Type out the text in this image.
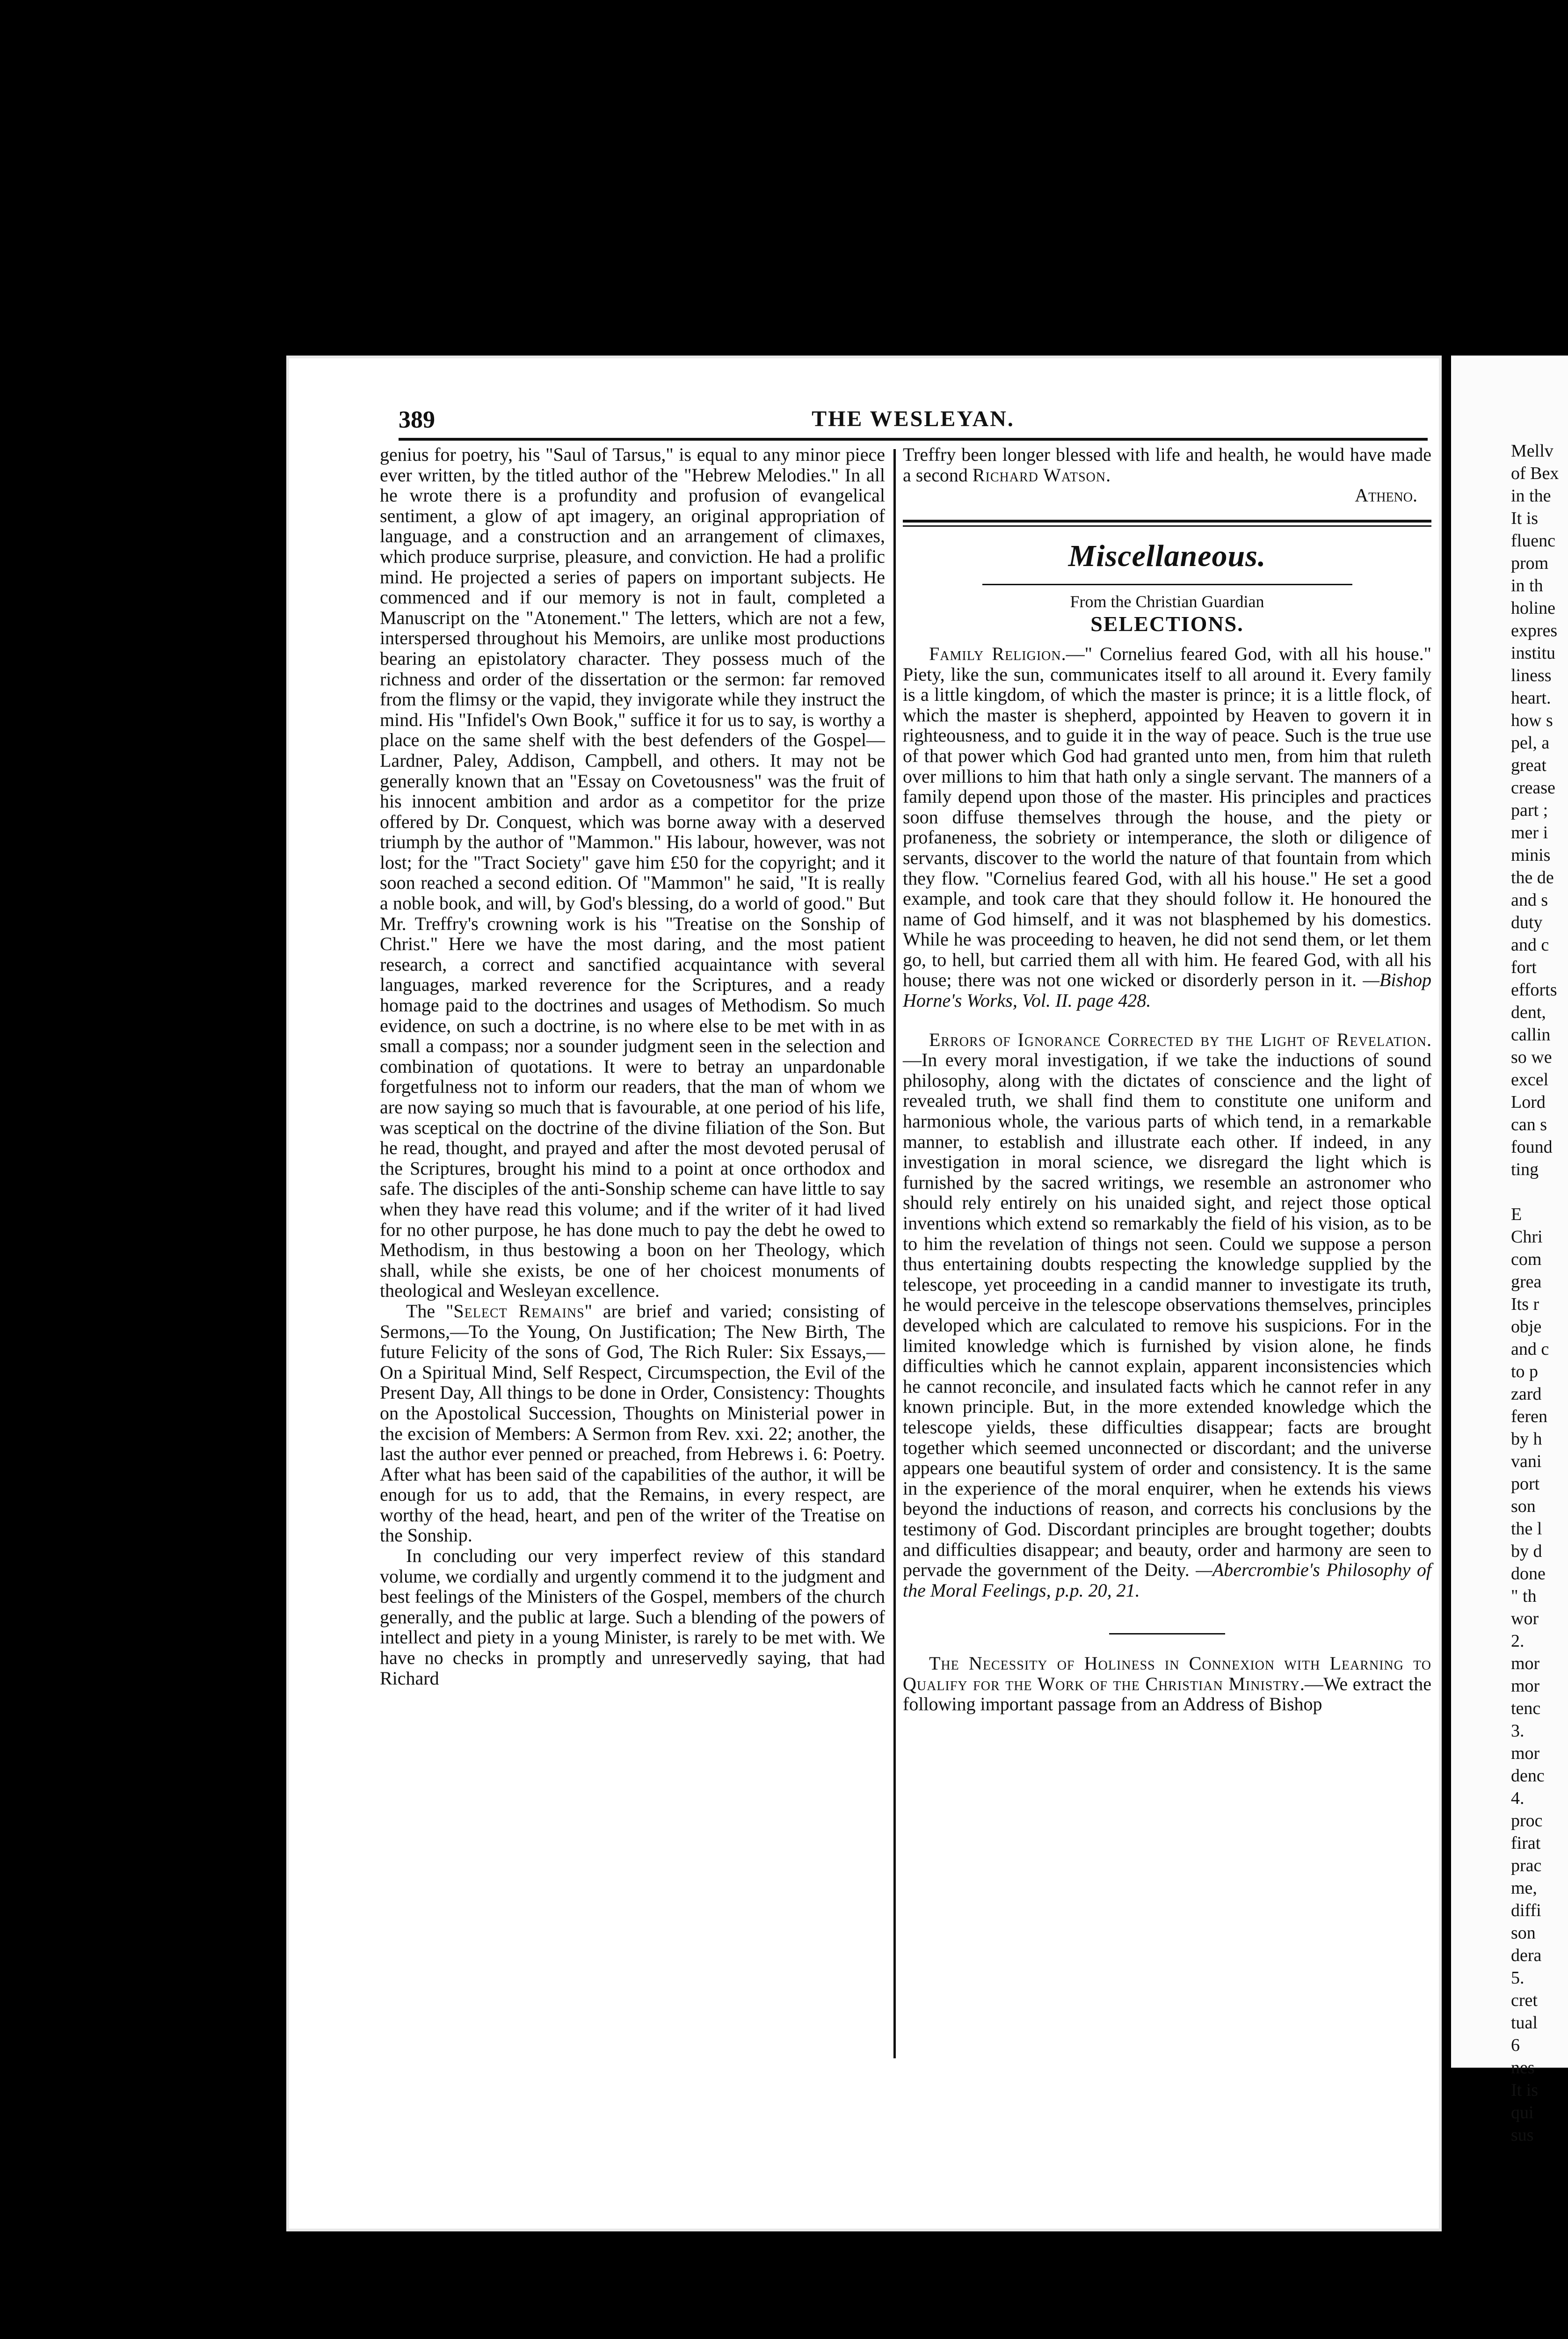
389	THE WESLEYAN.

genius for poetry, his "Saul of Tarsus," is equal to any minor piece ever written, by the titled author of the "Hebrew Melodies." In all he wrote there is a profundity and profusion of evangelical sentiment, a glow of apt imagery, an original appropriation of language, and a construction and an arrangement of climaxes, which produce surprise, pleasure, and conviction. He had a prolific mind. He projected a series of papers on important subjects. He commenced and if our memory is not in fault, completed a Manuscript on the "Atonement." The letters, which are not a few, interspersed throughout his Memoirs, are unlike most productions bearing an epistolatory character. They possess much of the richness and order of the dissertation or the sermon: far removed from the flimsy or the vapid, they invigorate while they instruct the mind. His "Infidel's Own Book," suffice it for us to say, is worthy a place on the same shelf with the best defenders of the Gospel—Lardner, Paley, Addison, Campbell, and others. It may not be generally known that an "Essay on Covetousness" was the fruit of his innocent ambition and ardor as a competitor for the prize offered by Dr. Conquest, which was borne away with a deserved triumph by the author of "Mammon." His labour, however, was not lost; for the "Tract Society" gave him £50 for the copyright; and it soon reached a second edition. Of "Mammon" he said, "It is really a noble book, and will, by God's blessing, do a world of good." But Mr. Treffry's crowning work is his "Treatise on the Sonship of Christ." Here we have the most daring, and the most patient research, a correct and sanctified acquaintance with several languages, marked reverence for the Scriptures, and a ready homage paid to the doctrines and usages of Methodism. So much evidence, on such a doctrine, is no where else to be met with in as small a compass; nor a sounder judgment seen in the selection and combination of quotations. It were to betray an unpardonable forgetfulness not to inform our readers, that the man of whom we are now saying so much that is favourable, at one period of his life, was sceptical on the doctrine of the divine filiation of the Son. But he read, thought, and prayed and after the most devoted perusal of the Scriptures, brought his mind to a point at once orthodox and safe. The disciples of the anti-Sonship scheme can have little to say when they have read this volume; and if the writer of it had lived for no other purpose, he has done much to pay the debt he owed to Methodism, in thus bestowing a boon on her Theology, which shall, while she exists, be one of her choicest monuments of theological and Wesleyan excellence.

The "Select Remains" are brief and varied; consisting of Sermons,—To the Young, On Justification; The New Birth, The future Felicity of the sons of God, The Rich Ruler: Six Essays,—On a Spiritual Mind, Self Respect, Circumspection, the Evil of the Present Day, All things to be done in Order, Consistency: Thoughts on the Apostolical Succession, Thoughts on Ministerial power in the excision of Members: A Sermon from Rev. xxi. 22; another, the last the author ever penned or preached, from Hebrews i. 6: Poetry. After what has been said of the capabilities of the author, it will be enough for us to add, that the Remains, in every respect, are worthy of the head, heart, and pen of the writer of the Treatise on the Sonship.

In concluding our very imperfect review of this standard volume, we cordially and urgently commend it to the judgment and best feelings of the Ministers of the Gospel, members of the church generally, and the public at large. Such a blending of the powers of intellect and piety in a young Minister, is rarely to be met with. We have no checks in promptly and unreservedly saying, that had Richard

Treffry been longer blessed with life and health, he would have made a second Richard Watson.

Atheno.

Miscellaneous.
From the Christian Guardian
SELECTIONS.

Family Religion.—" Cornelius feared God, with all his house." Piety, like the sun, communicates itself to all around it. Every family is a little kingdom, of which the master is prince; it is a little flock, of which the master is shepherd, appointed by Heaven to govern it in righteousness, and to guide it in the way of peace. Such is the true use of that power which God had granted unto men, from him that ruleth over millions to him that hath only a single servant. The manners of a family depend upon those of the master. His principles and practices soon diffuse themselves through the house, and the piety or profaneness, the sobriety or intemperance, the sloth or diligence of servants, discover to the world the nature of that fountain from which they flow. "Cornelius feared God, with all his house." He set a good example, and took care that they should follow it. He honoured the name of God himself, and it was not blasphemed by his domestics. While he was proceeding to heaven, he did not send them, or let them go, to hell, but carried them all with him. He feared God, with all his house; there was not one wicked or disorderly person in it. —Bishop Horne's Works, Vol. II. page 428.

Errors of Ignorance Corrected by the Light of Revelation.—In every moral investigation, if we take the inductions of sound philosophy, along with the dictates of conscience and the light of revealed truth, we shall find them to constitute one uniform and harmonious whole, the various parts of which tend, in a remarkable manner, to establish and illustrate each other. If indeed, in any investigation in moral science, we disregard the light which is furnished by the sacred writings, we resemble an astronomer who should rely entirely on his unaided sight, and reject those optical inventions which extend so remarkably the field of his vision, as to be to him the revelation of things not seen. Could we suppose a person thus entertaining doubts respecting the knowledge supplied by the telescope, yet proceeding in a candid manner to investigate its truth, he would perceive in the telescope observations themselves, principles developed which are calculated to remove his suspicions. For in the limited knowledge which is furnished by vision alone, he finds difficulties which he cannot explain, apparent inconsistencies which he cannot reconcile, and insulated facts which he cannot refer in any known principle. But, in the more extended knowledge which the telescope yields, these difficulties disappear; facts are brought together which seemed unconnected or discordant; and the universe appears one beautiful system of order and consistency. It is the same in the experience of the moral enquirer, when he extends his views beyond the inductions of reason, and corrects his conclusions by the testimony of God. Discordant principles are brought together; doubts and difficulties disappear; and beauty, order and harmony are seen to pervade the government of the Deity. —Abercrombie's Philosophy of the Moral Feelings, p.p. 20, 21.

The Necessity of Holiness in Connexion with Learning to Qualify for the Work of the Christian Ministry.—We extract the following important passage from an Address of Bishop

Mellv
of Bex
in the
It is
fluenc
prom
in th
holine
expres
institu
liness
heart.
how s
pel, a
great
crease
part ;
mer i
minis
the de
and s
duty
and c
fort
efforts
dent,
callin
so we
excel
Lord
can s
found
ting

E
Chri
com
grea
Its r
obje
and c
to p
zard
feren
by h
vani
port
son
the l
by d
done
" th
wor
2.
mor
mor
tenc
3.
mor
denc
4.
proc
firat
prac
me,
diffi
son
dera
5.
cret
tual
6
nes
It is
qui
sus
